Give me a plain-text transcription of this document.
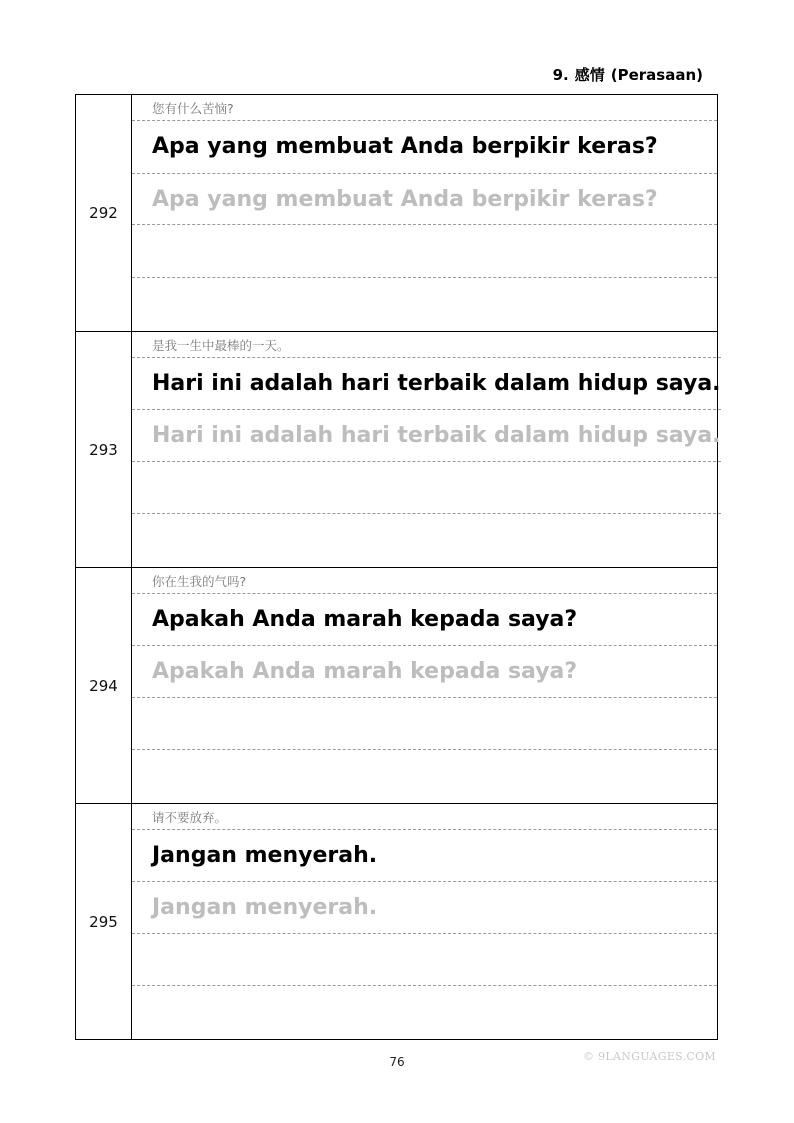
9. 感情 (Perasaan)
292
您有什么苦恼?
Apa yang membuat Anda berpikir keras?
Apa yang membuat Anda berpikir keras?
293
是我一生中最棒的一天。
Hari ini adalah hari terbaik dalam hidup saya.
Hari ini adalah hari terbaik dalam hidup saya.
294
你在生我的气吗?
Apakah Anda marah kepada saya?
Apakah Anda marah kepada saya?
295
请不要放弃。
Jangan menyerah.
Jangan menyerah.
76	© 9LANGUAGES.COM
